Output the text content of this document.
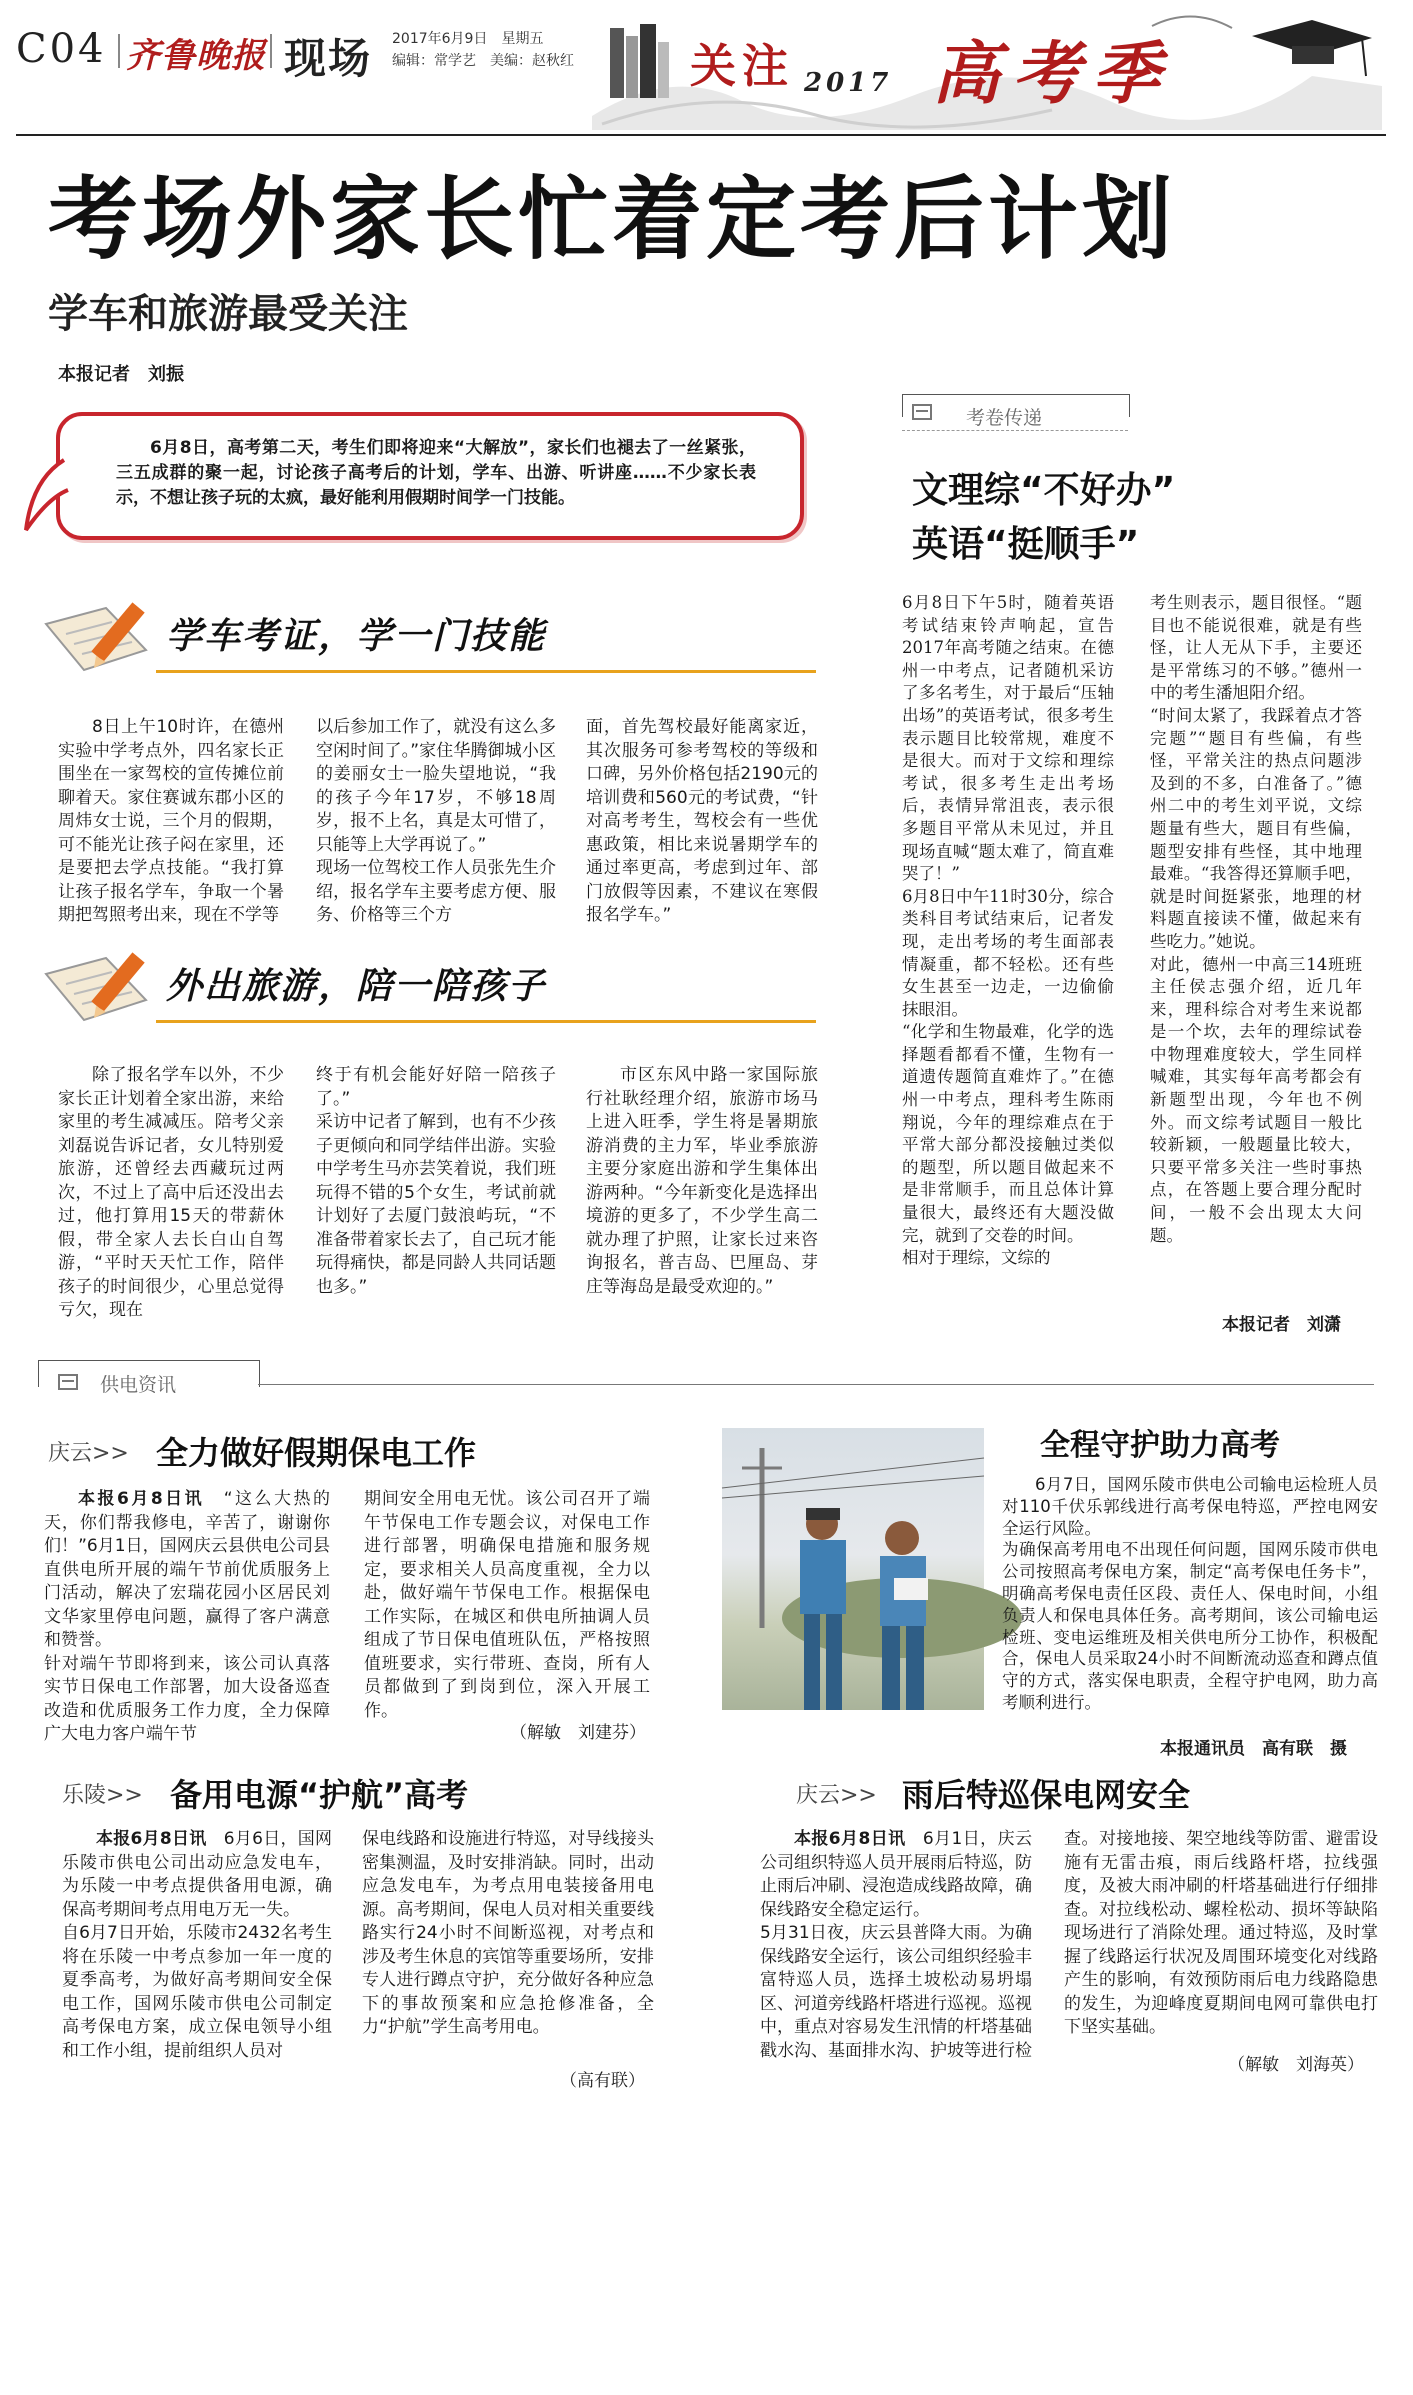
C04 齐鲁晚报 现场 2017年6月9日　 星期五
编辑：常学艺　 美编：赵秋红	关注 2017 高考季
考场外家长忙着定考后计划
学车和旅游最受关注
本报记者　刘振
6月8日，高考第二天，考生们即将迎来“大解放”，家长们也褪去了一丝紧张，三五成群的聚一起，讨论孩子高考后的计划，学车、出游、听讲座……不少家长表示，不想让孩子玩的太疯，最好能利用假期时间学一门技能。
学车考证，学一门技能

8日上午10时许，在德州实验中学考点外，四名家长正围坐在一家驾校的宣传摊位前聊着天。家住赛诚东郡小区的周炜女士说，三个月的假期，可不能光让孩子闷在家里，还是要把去学点技能。“我打算让孩子报名学车，争取一个暑期把驾照考出来，现在不学等

以后参加工作了，就没有这么多空闲时间了。”家住华腾御城小区的姜丽女士一脸失望地说，“我的孩子今年17岁，不够18周岁，报不上名，真是太可惜了，只能等上大学再说了。”
现场一位驾校工作人员张先生介绍，报名学车主要考虑方便、服务、价格等三个方

面，首先驾校最好能离家近，其次服务可参考驾校的等级和口碑，另外价格包括2190元的培训费和560元的考试费，“针对高考考生，驾校会有一些优惠政策，相比来说暑期学车的通过率更高，考虑到过年、部门放假等因素，不建议在寒假报名学车。”

外出旅游，陪一陪孩子

除了报名学车以外，不少家长正计划着全家出游，来给家里的考生减减压。陪考父亲刘磊说告诉记者，女儿特别爱旅游，还曾经去西藏玩过两次，不过上了高中后还没出去过，他打算用15天的带薪休假，带全家人去长白山自驾游，“平时天天忙工作，陪伴孩子的时间很少，心里总觉得亏欠，现在

终于有机会能好好陪一陪孩子了。”
采访中记者了解到，也有不少孩子更倾向和同学结伴出游。实验中学考生马亦芸笑着说，我们班玩得不错的5个女生，考试前就计划好了去厦门鼓浪屿玩，“不准备带着家长去了，自己玩才能玩得痛快，都是同龄人共同话题也多。”

市区东风中路一家国际旅行社耿经理介绍，旅游市场马上进入旺季，学生将是暑期旅游消费的主力军，毕业季旅游主要分家庭出游和学生集体出游两种。“今年新变化是选择出境游的更多了，不少学生高二就办理了护照，让家长过来咨询报名，普吉岛、巴厘岛、芽庄等海岛是最受欢迎的。”

考卷传递
文理综“不好办”
英语“挺顺手”

6月8日下午5时，随着英语考试结束铃声响起，宣告2017年高考随之结束。在德州一中考点，记者随机采访了多名考生，对于最后“压轴出场”的英语考试，很多考生表示题目比较常规，难度不是很大。而对于文综和理综考试，很多考生走出考场后，表情异常沮丧，表示很多题目平常从未见过，并且现场直喊“题太难了，简直难哭了！”
6月8日中午11时30分，综合类科目考试结束后，记者发现，走出考场的考生面部表情凝重，都不轻松。还有些女生甚至一边走，一边偷偷抹眼泪。
“化学和生物最难，化学的选择题看都看不懂，生物有一道遗传题简直难炸了。”在德州一中考点，理科考生陈雨翔说，今年的理综难点在于平常大部分都没接触过类似的题型，所以题目做起来不是非常顺手，而且总体计算量很大，最终还有大题没做完，就到了交卷的时间。
相对于理综，文综的

考生则表示，题目很怪。“题目也不能说很难，就是有些怪，让人无从下手，主要还是平常练习的不够。”德州一中的考生潘旭阳介绍。
“时间太紧了，我踩着点才答完题”“题目有些偏，有些怪，平常关注的热点问题涉及到的不多，白准备了。”德州二中的考生刘平说，文综题量有些大，题目有些偏，题型安排有些怪，其中地理最难。“我答得还算顺手吧，就是时间挺紧张，地理的材料题直接读不懂，做起来有些吃力。”她说。
对此，德州一中高三14班班主任侯志强介绍，近几年来，理科综合对考生来说都是一个坎，去年的理综试卷中物理难度较大，学生同样喊难，其实每年高考都会有新题型出现，今年也不例外。而文综考试题目一般比较新颖，一般题量比较大，只要平常多关注一些时事热点，在答题上要合理分配时间，一般不会出现太大问题。

本报记者　刘潇
供电资讯
庆云>> 全力做好假期保电工作

本报6月8日讯　 “这么大热的天，你们帮我修电，辛苦了，谢谢你们！”6月1日，国网庆云县供电公司县直供电所开展的端午节前优质服务上门活动，解决了宏瑞花园小区居民刘文华家里停电问题，赢得了客户满意和赞誉。
针对端午节即将到来，该公司认真落实节日保电工作部署，加大设备巡查改造和优质服务工作力度，全力保障广大电力客户端午节

期间安全用电无忧。该公司召开了端午节保电工作专题会议，对保电工作进行部署，明确保电措施和服务规定，要求相关人员高度重视，全力以赴，做好端午节保电工作。根据保电工作实际，在城区和供电所抽调人员组成了节日保电值班队伍，严格按照值班要求，实行带班、查岗，所有人员都做到了到岗到位，深入开展工作。

（解敏　刘建芬）
全程守护助力高考

6月7日，国网乐陵市供电公司输电运检班人员对110千伏乐郭线进行高考保电特巡，严控电网安全运行风险。
为确保高考用电不出现任何问题，国网乐陵市供电公司按照高考保电方案，制定“高考保电任务卡”，明确高考保电责任区段、责任人、保电时间，小组负责人和保电具体任务。高考期间，该公司输电运检班、变电运维班及相关供电所分工协作，积极配合，保电人员采取24小时不间断流动巡查和蹲点值守的方式，落实保电职责，全程守护电网，助力高考顺利进行。

本报通讯员　高有联　摄
乐陵>> 备用电源“护航”高考

本报6月8日讯　 6月6日，国网乐陵市供电公司出动应急发电车，为乐陵一中考点提供备用电源，确保高考期间考点用电万无一失。
自6月7日开始，乐陵市2432名考生将在乐陵一中考点参加一年一度的夏季高考，为做好高考期间安全保电工作，国网乐陵市供电公司制定高考保电方案，成立保电领导小组和工作小组，提前组织人员对

保电线路和设施进行特巡，对导线接头密集测温，及时安排消缺。同时，出动应急发电车，为考点用电装接备用电源。高考期间，保电人员对相关重要线路实行24小时不间断巡视，对考点和涉及考生休息的宾馆等重要场所，安排专人进行蹲点守护，充分做好各种应急下的事故预案和应急抢修准备，全力“护航”学生高考用电。

（高有联）
庆云>> 雨后特巡保电网安全

本报6月8日讯　 6月1日，庆云公司组织特巡人员开展雨后特巡，防止雨后冲刷、浸泡造成线路故障，确保线路安全稳定运行。
5月31日夜，庆云县普降大雨。为确保线路安全运行，该公司组织经验丰富特巡人员，选择土坡松动易坍塌区、河道旁线路杆塔进行巡视。巡视中，重点对容易发生汛情的杆塔基础戳水沟、基面排水沟、护坡等进行检

查。对接地接、架空地线等防雷、避雷设施有无雷击痕，雨后线路杆塔，拉线强度，及被大雨冲刷的杆塔基础进行仔细排查。对拉线松动、螺栓松动、损坏等缺陷现场进行了消除处理。通过特巡，及时掌握了线路运行状况及周围环境变化对线路产生的影响，有效预防雨后电力线路隐患的发生，为迎峰度夏期间电网可靠供电打下坚实基础。

（解敏　刘海英）
